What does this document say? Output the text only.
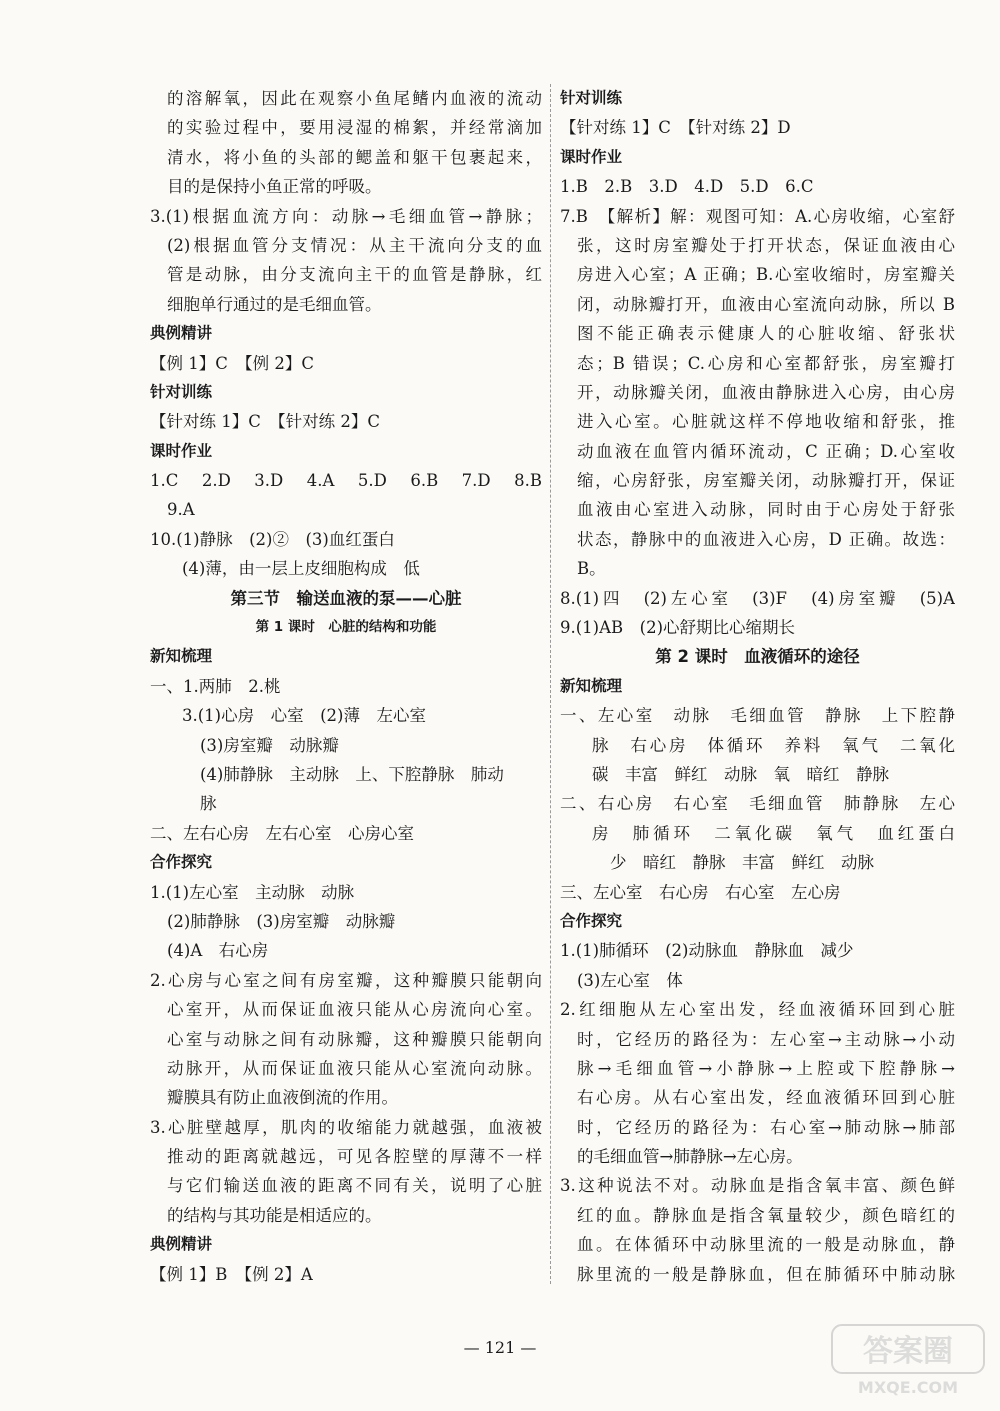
的溶解氧，因此在观察小鱼尾鳍内血液的流动
的实验过程中，要用浸湿的棉絮，并经常滴加
清水，将小鱼的头部的鳃盖和躯干包裹起来，
目的是保持小鱼正常的呼吸。
3.(1)根据血流方向：动脉→毛细血管→静脉；
(2)根据血管分支情况：从主干流向分支的血
管是动脉，由分支流向主干的血管是静脉，红
细胞单行通过的是毛细血管。
典例精讲
【例 1】C　【例 2】C
针对训练
【针对练 1】C　【针对练 2】C
课时作业
1.C　2.D　3.D　4.A　5.D　6.B　7.D　8.B
9.A
10.(1)静脉　(2)②　(3)血红蛋白
(4)薄，由一层上皮细胞构成　低
第三节　输送血液的泵——心脏
第 1 课时　心脏的结构和功能
新知梳理
一、1.两肺　2.桃
3.(1)心房　心室　(2)薄　左心室
(3)房室瓣　动脉瓣
(4)肺静脉　主动脉　上、下腔静脉　肺动
脉
二、左右心房　左右心室　心房心室
合作探究
1.(1)左心室　主动脉　动脉
(2)肺静脉　(3)房室瓣　动脉瓣
(4)A　右心房
2.心房与心室之间有房室瓣，这种瓣膜只能朝向
心室开，从而保证血液只能从心房流向心室。
心室与动脉之间有动脉瓣，这种瓣膜只能朝向
动脉开，从而保证血液只能从心室流向动脉。
瓣膜具有防止血液倒流的作用。
3.心脏壁越厚，肌肉的收缩能力就越强，血液被
推动的距离就越远，可见各腔壁的厚薄不一样
与它们输送血液的距离不同有关，说明了心脏
的结构与其功能是相适应的。
典例精讲
【例 1】B　【例 2】A
针对训练
【针对练 1】C　【针对练 2】D
课时作业
1.B　2.B　3.D　4.D　5.D　6.C
7.B　【解析】解：观图可知：A.心房收缩，心室舒
张，这时房室瓣处于打开状态，保证血液由心
房进入心室；A 正确；B.心室收缩时，房室瓣关
闭，动脉瓣打开，血液由心室流向动脉，所以 B
图不能正确表示健康人的心脏收缩、舒张状
态；B 错误；C.心房和心室都舒张，房室瓣打
开，动脉瓣关闭，血液由静脉进入心房，由心房
进入心室。心脏就这样不停地收缩和舒张，推
动血液在血管内循环流动，C 正确；D.心室收
缩，心房舒张，房室瓣关闭，动脉瓣打开，保证
血液由心室进入动脉，同时由于心房处于舒张
状态，静脉中的血液进入心房，D 正确。故选：
B。
8.(1)四　(2)左心室　(3)F　(4)房室瓣　(5)A
9.(1)AB　(2)心舒期比心缩期长
第 2 课时　血液循环的途径
新知梳理
一、左心室　动脉　毛细血管　静脉　上下腔静
脉　右心房　体循环　养料　氧气　二氧化
碳　丰富　鲜红　动脉　氧　暗红　静脉
二、右心房　右心室　毛细血管　肺静脉　左心
房　肺循环　二氧化碳　氧气　血红蛋白
少　暗红　静脉　丰富　鲜红　动脉
三、左心室　右心房　右心室　左心房
合作探究
1.(1)肺循环　(2)动脉血　静脉血　减少
(3)左心室　体
2.红细胞从左心室出发，经血液循环回到心脏
时，它经历的路径为：左心室→主动脉→小动
脉→毛细血管→小静脉→上腔或下腔静脉→
右心房。从右心室出发，经血液循环回到心脏
时，它经历的路径为：右心室→肺动脉→肺部
的毛细血管→肺静脉→左心房。
3.这种说法不对。动脉血是指含氧丰富、颜色鲜
红的血。静脉血是指含氧量较少，颜色暗红的
血。在体循环中动脉里流的一般是动脉血，静
脉里流的一般是静脉血，但在肺循环中肺动脉
— 121 —	答案圈
MXQE.COM
